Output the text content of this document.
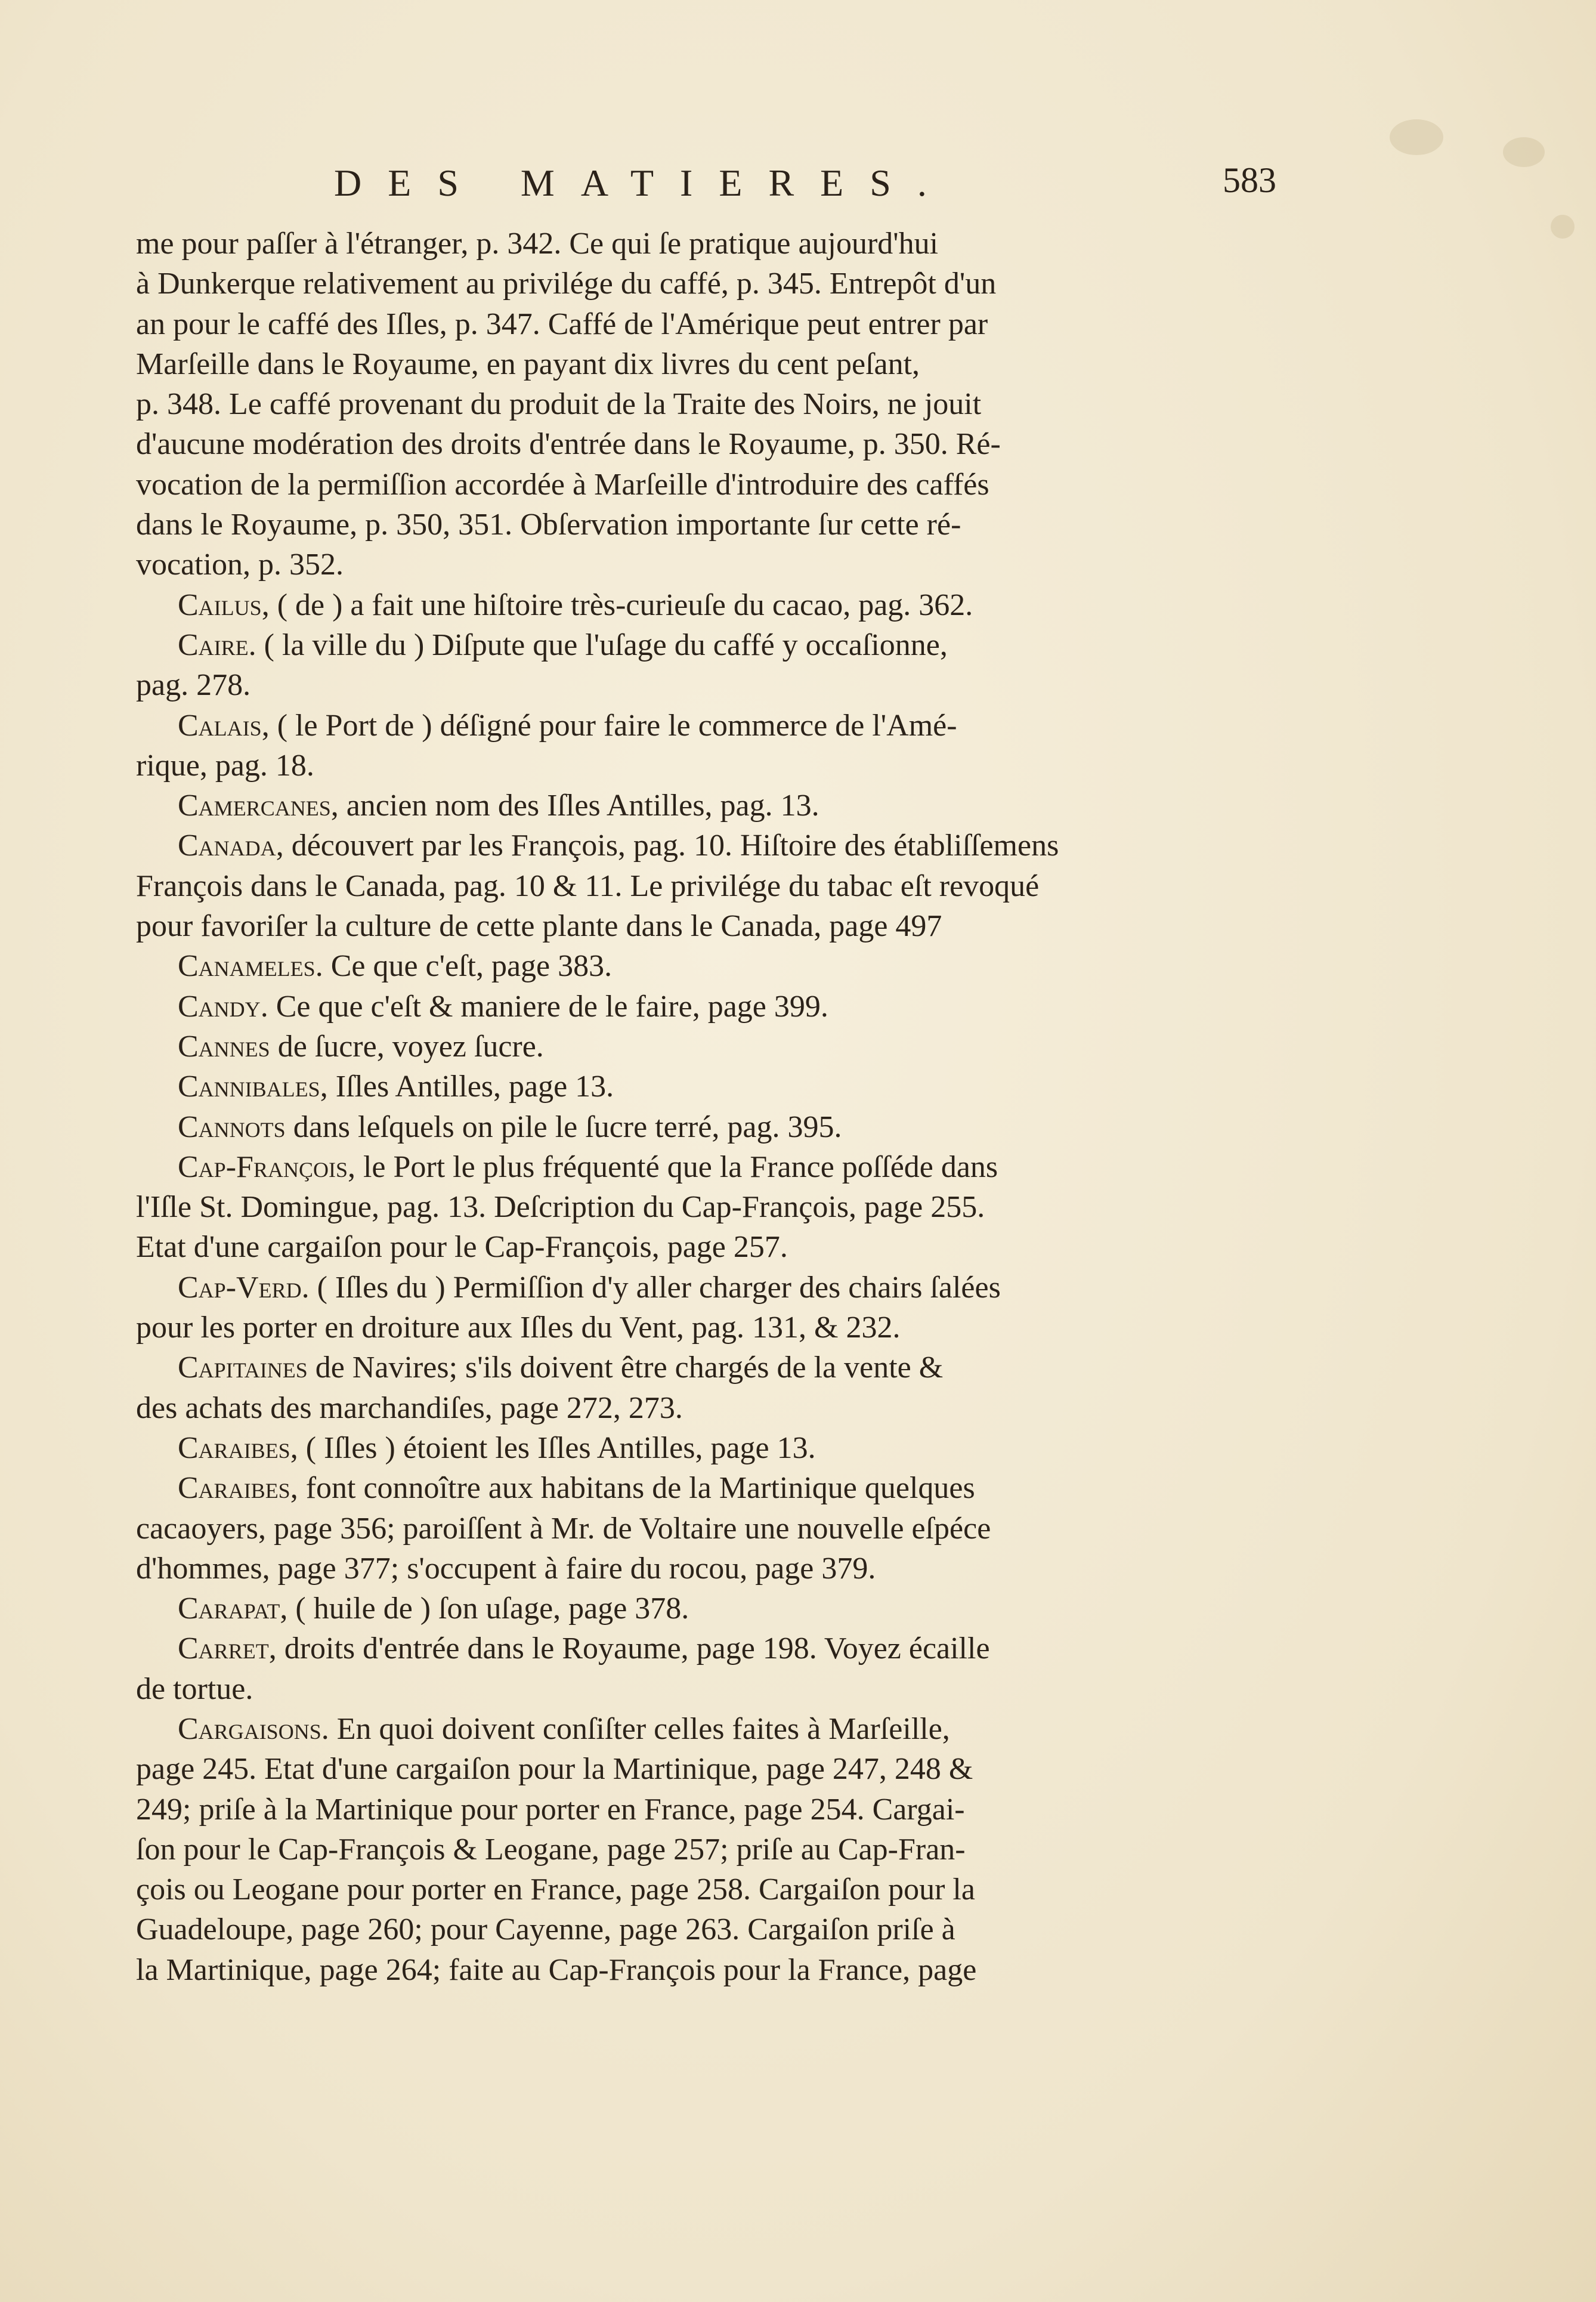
DES MATIERES.	583
me pour paſſer à l'étranger, p. 342. Ce qui ſe pratique aujourd'hui
à Dunkerque relativement au privilége du caffé, p. 345. Entrepôt d'un
an pour le caffé des Iſles, p. 347. Caffé de l'Amérique peut entrer par
Marſeille dans le Royaume, en payant dix livres du cent peſant,
p. 348. Le caffé provenant du produit de la Traite des Noirs, ne jouit
d'aucune modération des droits d'entrée dans le Royaume, p. 350. Ré-
vocation de la permiſſion accordée à Marſeille d'introduire des caffés
dans le Royaume, p. 350, 351. Obſervation importante ſur cette ré-
vocation, p. 352.
Cailus, ( de ) a fait une hiſtoire très-curieuſe du cacao, pag. 362.
Caire. ( la ville du ) Diſpute que l'uſage du caffé y occaſionne,
pag. 278.
Calais, ( le Port de ) déſigné pour faire le commerce de l'Amé-
rique, pag. 18.
Camercanes, ancien nom des Iſles Antilles, pag. 13.
Canada, découvert par les François, pag. 10. Hiſtoire des établiſſemens
François dans le Canada, pag. 10 & 11. Le privilége du tabac eſt revoqué
pour favoriſer la culture de cette plante dans le Canada, page 497
Canameles. Ce que c'eſt, page 383.
Candy. Ce que c'eſt & maniere de le faire, page 399.
Cannes de ſucre, voyez ſucre.
Cannibales, Iſles Antilles, page 13.
Cannots dans leſquels on pile le ſucre terré, pag. 395.
Cap-François, le Port le plus fréquenté que la France poſſéde dans
l'Iſle St. Domingue, pag. 13. Deſcription du Cap-François, page 255.
Etat d'une cargaiſon pour le Cap-François, page 257.
Cap-Verd. ( Iſles du ) Permiſſion d'y aller charger des chairs ſalées
pour les porter en droiture aux Iſles du Vent, pag. 131, & 232.
Capitaines de Navires; s'ils doivent être chargés de la vente &
des achats des marchandiſes, page 272, 273.
Caraibes, ( Iſles ) étoient les Iſles Antilles, page 13.
Caraibes, font connoître aux habitans de la Martinique quelques
cacaoyers, page 356; paroiſſent à Mr. de Voltaire une nouvelle eſpéce
d'hommes, page 377; s'occupent à faire du rocou, page 379.
Carapat, ( huile de ) ſon uſage, page 378.
Carret, droits d'entrée dans le Royaume, page 198. Voyez écaille
de tortue.
Cargaisons. En quoi doivent conſiſter celles faites à Marſeille,
page 245. Etat d'une cargaiſon pour la Martinique, page 247, 248 &
249; priſe à la Martinique pour porter en France, page 254. Cargai-
ſon pour le Cap-François & Leogane, page 257; priſe au Cap-Fran-
çois ou Leogane pour porter en France, page 258. Cargaiſon pour la
Guadeloupe, page 260; pour Cayenne, page 263. Cargaiſon priſe à
la Martinique, page 264; faite au Cap-François pour la France, page
